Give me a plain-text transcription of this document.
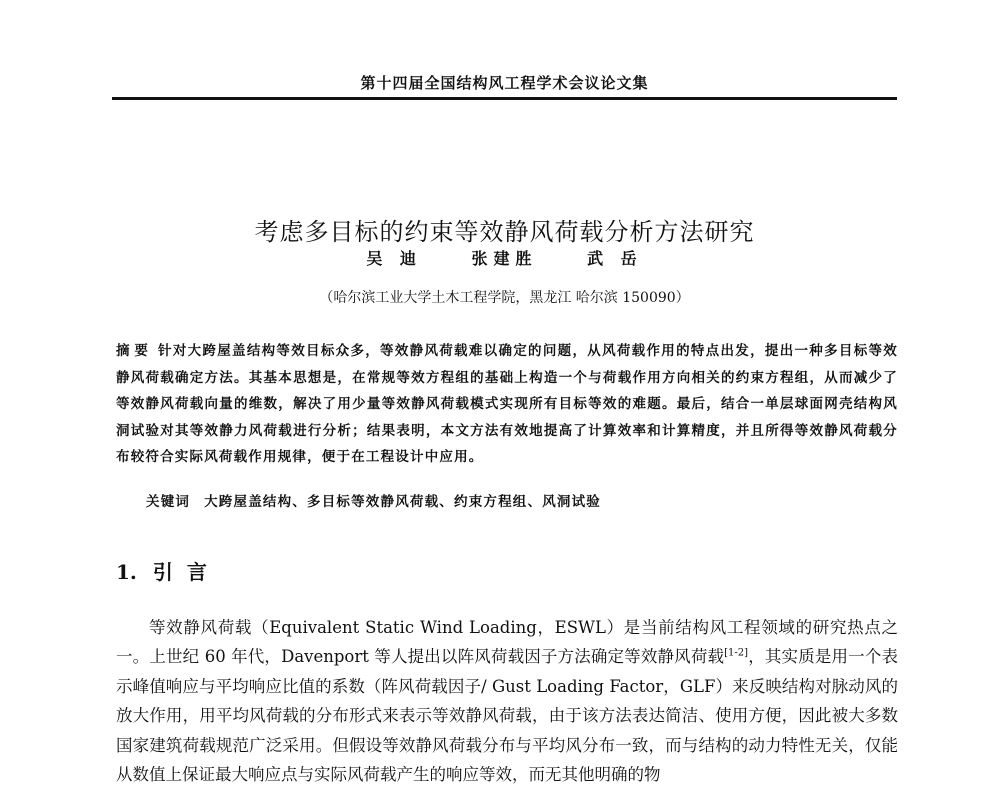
第十四届全国结构风工程学术会议论文集
考虑多目标的约束等效静风荷载分析方法研究
吴 迪	张建胜	武 岳
（哈尔滨工业大学土木工程学院，黑龙江 哈尔滨 150090）
摘 要 针对大跨屋盖结构等效目标众多，等效静风荷载难以确定的问题，从风荷载作用的特点出发，提出一种多目标等效静风荷载确定方法。其基本思想是，在常规等效方程组的基础上构造一个与荷载作用方向相关的约束方程组，从而减少了等效静风荷载向量的维数，解决了用少量等效静风荷载模式实现所有目标等效的难题。最后，结合一单层球面网壳结构风洞试验对其等效静力风荷载进行分析；结果表明，本文方法有效地提高了计算效率和计算精度，并且所得等效静风荷载分布较符合实际风荷载作用规律，便于在工程设计中应用。
关键词 大跨屋盖结构、多目标等效静风荷载、约束方程组、风洞试验
1. 引言

等效静风荷载（Equivalent Static Wind Loading，ESWL）是当前结构风工程领域的研究热点之一。上世纪 60 年代，Davenport 等人提出以阵风荷载因子方法确定等效静风荷载[1-2]，其实质是用一个表示峰值响应与平均响应比值的系数（阵风荷载因子/ Gust Loading Factor，GLF）来反映结构对脉动风的放大作用，用平均风荷载的分布形式来表示等效静风荷载，由于该方法表达简洁、使用方便，因此被大多数国家建筑荷载规范广泛采用。但假设等效静风荷载分布与平均风分布一致，而与结构的动力特性无关，仅能从数值上保证最大响应点与实际风荷载产生的响应等效，而无其他明确的物
